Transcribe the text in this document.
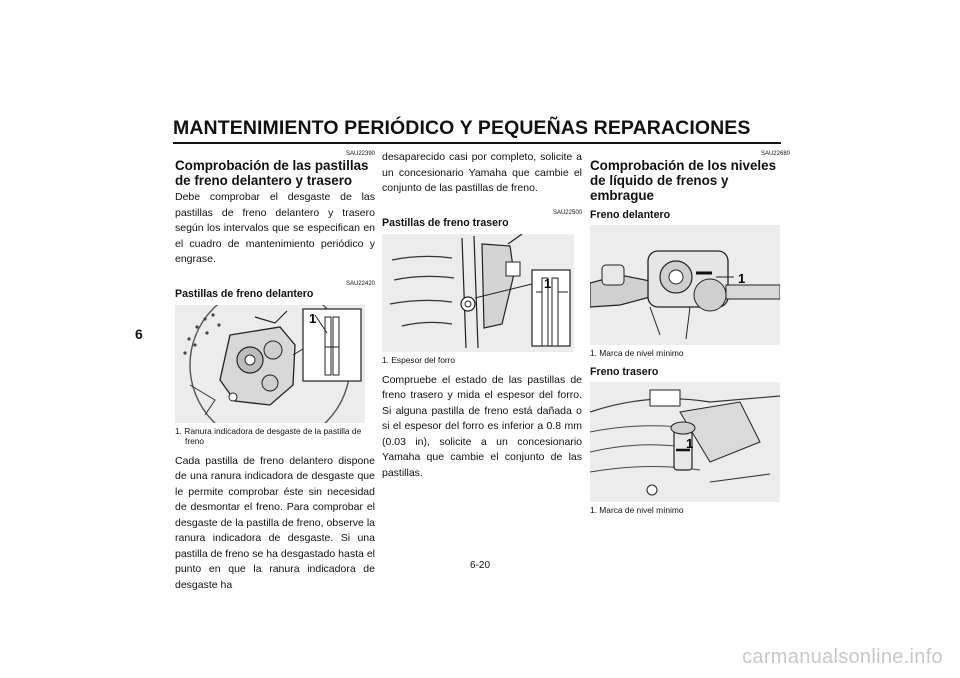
MANTENIMIENTO PERIÓDICO Y PEQUEÑAS REPARACIONES
6
SAU22390
Comprobación de las pastillas de freno delantero y trasero

Debe comprobar el desgaste de las pastillas de freno delantero y trasero según los intervalos que se especifican en el cuadro de mantenimiento periódico y engrase.

SAU22420
Pastillas de freno delantero
1
1. Ranura indicadora de desgaste de la pastilla de freno

Cada pastilla de freno delantero dispone de una ranura indicadora de desgaste que le permite comprobar éste sin necesidad de desmontar el freno. Para comprobar el desgaste de la pastilla de freno, observe la ranura indicadora de desgaste. Si una pastilla de freno se ha desgastado hasta el punto en que la ranura indicadora de desgaste ha

desaparecido casi por completo, solicite a un concesionario Yamaha que cambie el conjunto de las pastillas de freno.

SAU22500
Pastillas de freno trasero
1
1. Espesor del forro

Compruebe el estado de las pastillas de freno trasero y mida el espesor del forro. Si alguna pastilla de freno está dañada o si el espesor del forro es inferior a 0.8 mm (0.03 in), solicite a un concesionario Yamaha que cambie el conjunto de las pastillas.

SAU22680
Comprobación de los niveles de líquido de frenos y embrague
Freno delantero
1
1. Marca de nivel mínimo
Freno trasero
1
1. Marca de nivel mínimo
6-20
carmanualsonline.info
